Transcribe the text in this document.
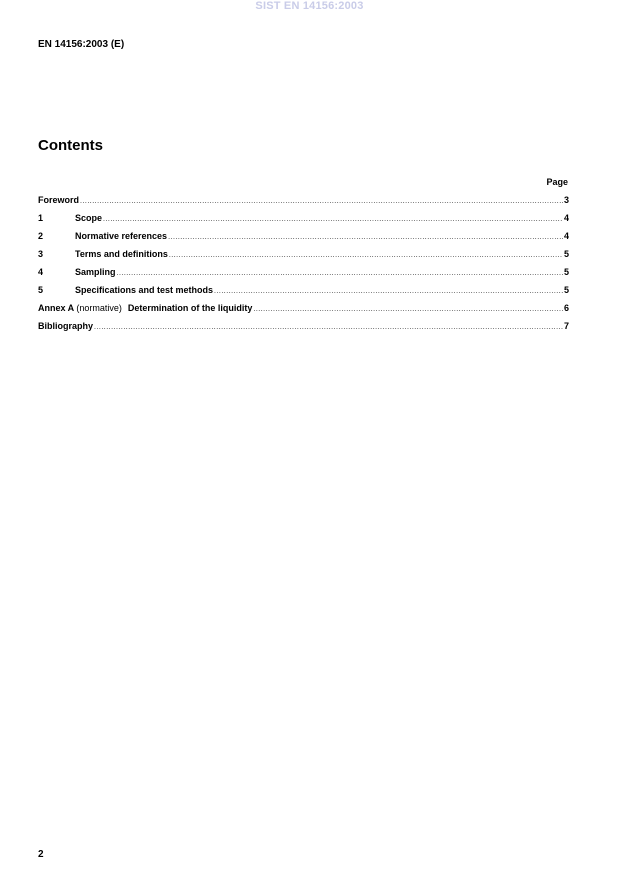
SIST EN 14156:2003
EN 14156:2003 (E)
Contents
Page
Foreword .....	3
1	Scope .....	4
2	Normative references .....	4
3	Terms and definitions .....	5
4	Sampling .....	5
5	Specifications and test methods .....	5
Annex A (normative) Determination of the liquidity .....	6
Bibliography .....	7
2
